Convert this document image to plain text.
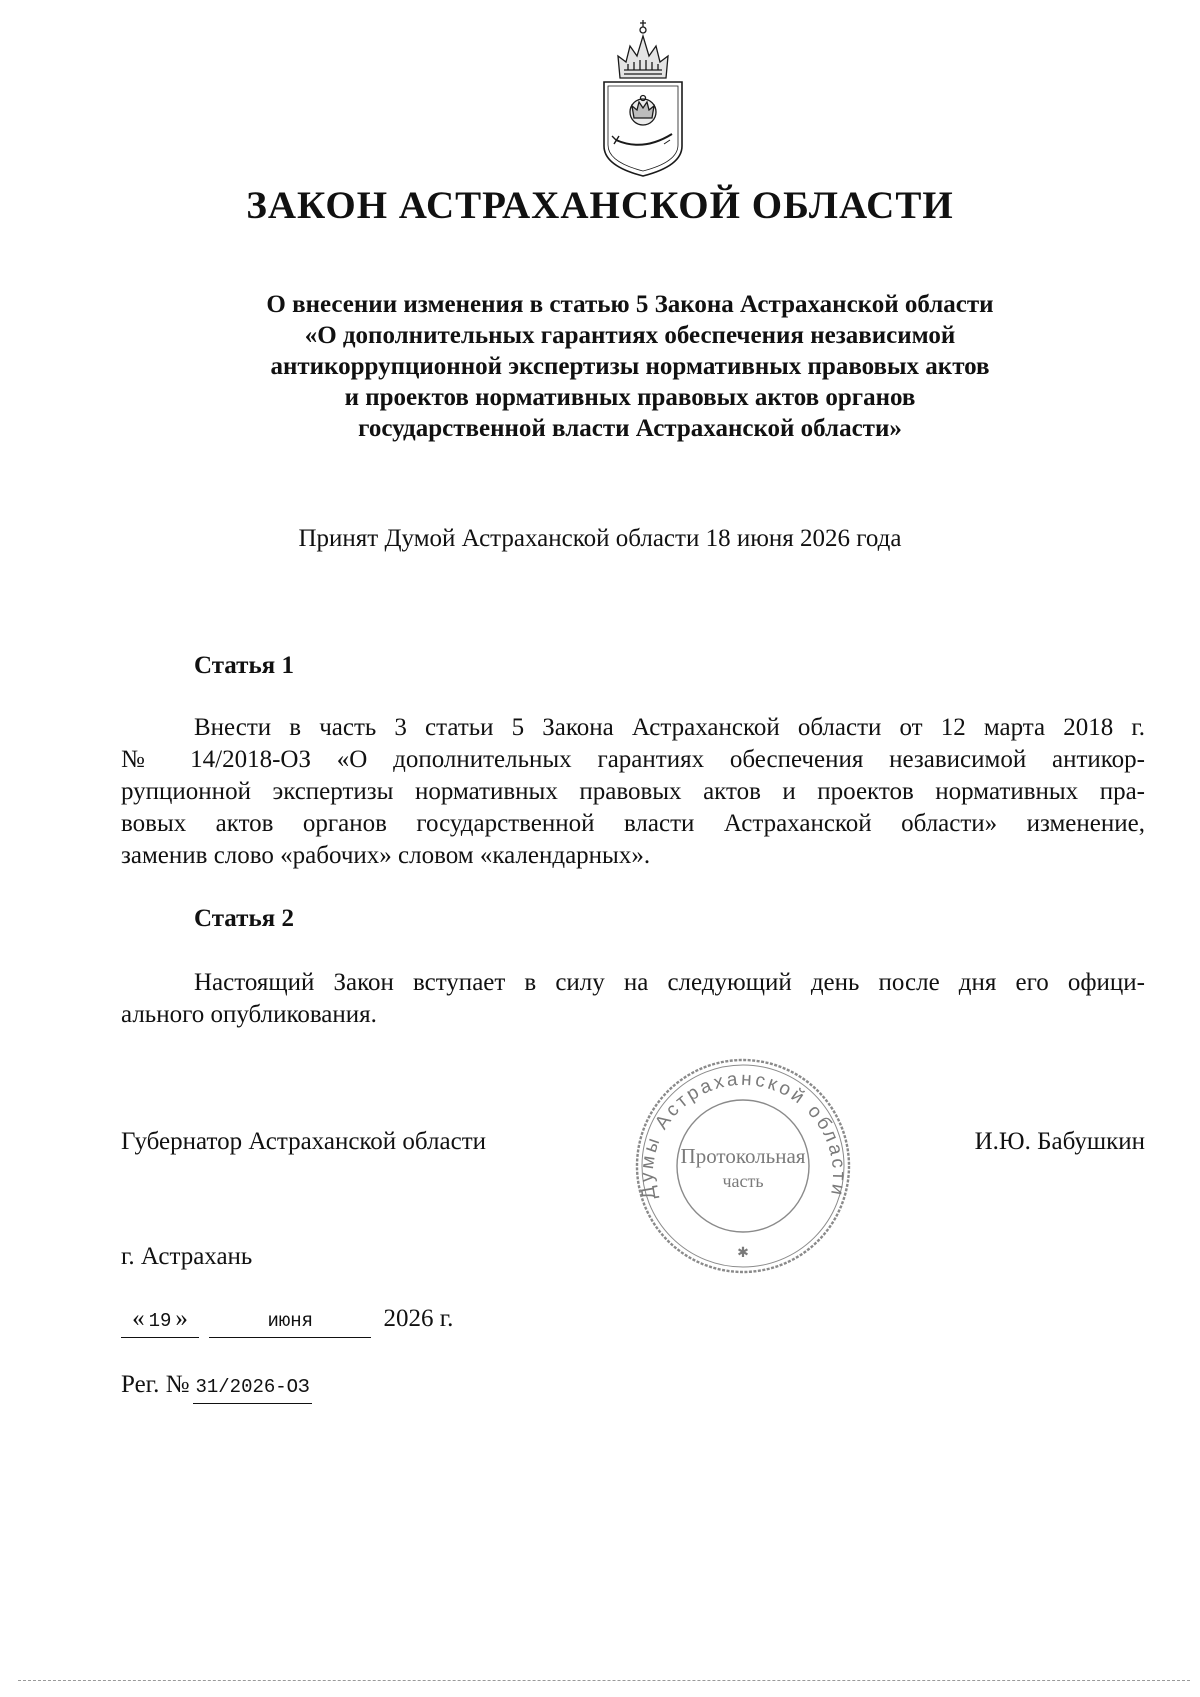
ЗАКОН АСТРАХАНСКОЙ ОБЛАСТИ
О внесении изменения в статью 5 Закона Астраханской области
«О дополнительных гарантиях обеспечения независимой
антикоррупционной экспертизы нормативных правовых актов
и проектов нормативных правовых актов органов
государственной власти Астраханской области»
Принят Думой Астраханской области 18 июня 2026 года
Статья 1
Внести в часть 3 статьи 5 Закона Астраханской области от 12 марта 2018 г.
№ 14/2018-ОЗ «О дополнительных гарантиях обеспечения независимой антикор-
рупционной экспертизы нормативных правовых актов и проектов нормативных пра-
вовых актов органов государственной власти Астраханской области» изменение,
заменив слово «рабочих» словом «календарных».
Статья 2
Настоящий Закон вступает в силу на следующий день после дня его офици-
ального опубликования.
Губернатор Астраханской области	И.Ю. Бабушкин
Думы Астраханской области
Протокольная
часть
✱
г. Астрахань
« 19 »	июня	2026 г.
Рег. № 31/2026-ОЗ
